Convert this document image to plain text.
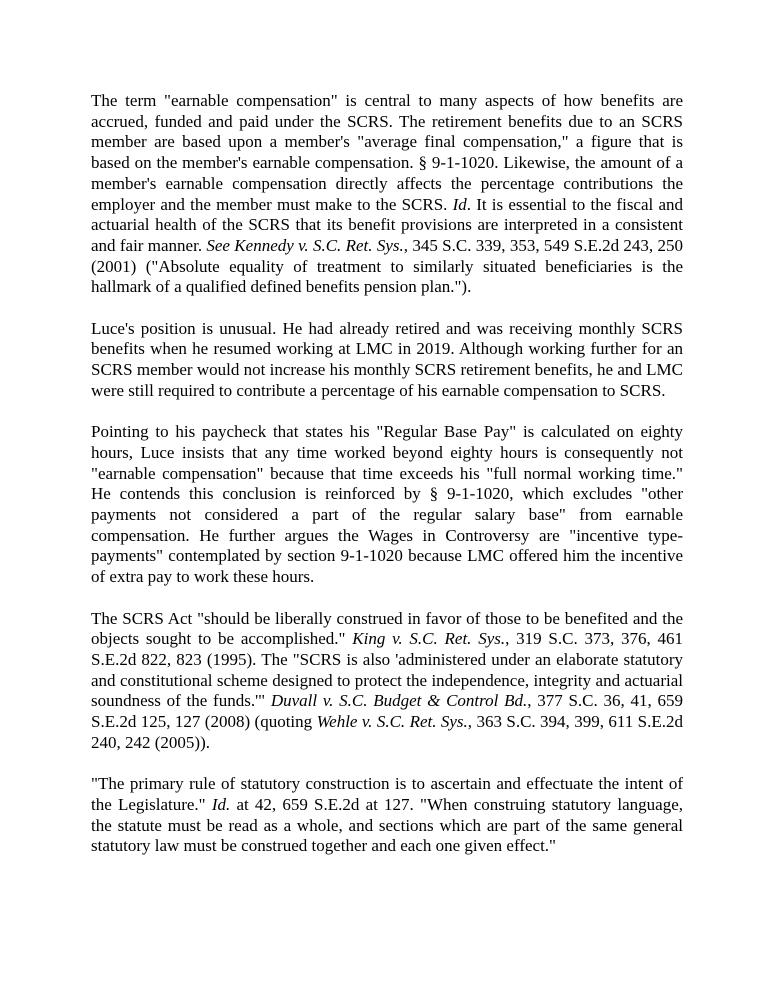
The term "earnable compensation" is central to many aspects of how benefits are accrued, funded and paid under the SCRS. The retirement benefits due to an SCRS member are based upon a member's "average final compensation," a figure that is based on the member's earnable compensation. § 9-1-1020. Likewise, the amount of a member's earnable compensation directly affects the percentage contributions the employer and the member must make to the SCRS. Id. It is essential to the fiscal and actuarial health of the SCRS that its benefit provisions are interpreted in a consistent and fair manner. See Kennedy v. S.C. Ret. Sys., 345 S.C. 339, 353, 549 S.E.2d 243, 250 (2001) ("Absolute equality of treatment to similarly situated beneficiaries is the hallmark of a qualified defined benefits pension plan.").

Luce's position is unusual. He had already retired and was receiving monthly SCRS benefits when he resumed working at LMC in 2019. Although working further for an SCRS member would not increase his monthly SCRS retirement benefits, he and LMC were still required to contribute a percentage of his earnable compensation to SCRS.

Pointing to his paycheck that states his "Regular Base Pay" is calculated on eighty hours, Luce insists that any time worked beyond eighty hours is consequently not "earnable compensation" because that time exceeds his "full normal working time." He contends this conclusion is reinforced by § 9-1-1020, which excludes "other payments not considered a part of the regular salary base" from earnable compensation. He further argues the Wages in Controversy are "incentive type-payments" contemplated by section 9-1-1020 because LMC offered him the incentive of extra pay to work these hours.

The SCRS Act "should be liberally construed in favor of those to be benefited and the objects sought to be accomplished." King v. S.C. Ret. Sys., 319 S.C. 373, 376, 461 S.E.2d 822, 823 (1995). The "SCRS is also 'administered under an elaborate statutory and constitutional scheme designed to protect the independence, integrity and actuarial soundness of the funds.'" Duvall v. S.C. Budget & Control Bd., 377 S.C. 36, 41, 659 S.E.2d 125, 127 (2008) (quoting Wehle v. S.C. Ret. Sys., 363 S.C. 394, 399, 611 S.E.2d 240, 242 (2005)).

"The primary rule of statutory construction is to ascertain and effectuate the intent of the Legislature." Id. at 42, 659 S.E.2d at 127. "When construing statutory language, the statute must be read as a whole, and sections which are part of the same general statutory law must be construed together and each one given effect."
